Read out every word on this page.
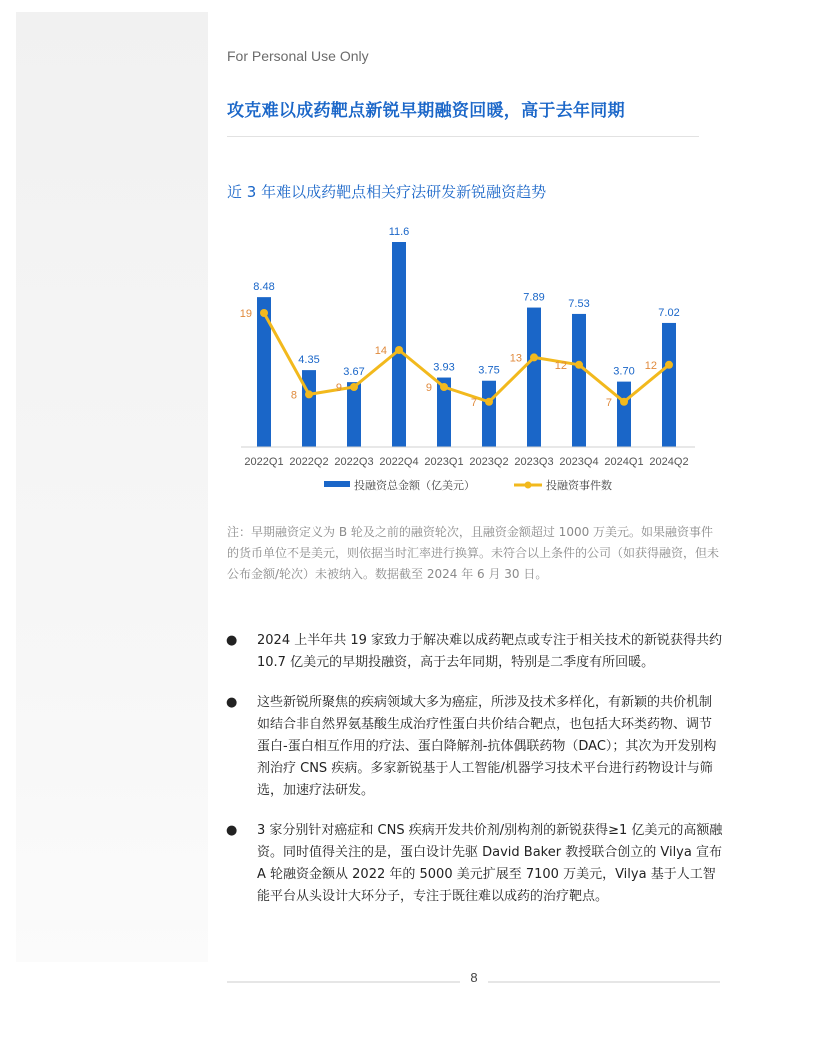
For Personal Use Only
攻克难以成药靶点新锐早期融资回暖，高于去年同期
近 3 年难以成药靶点相关疗法研发新锐融资趋势
8.48
19
4.35
8
3.67
9
11.6
14
3.93
9
3.75
7
7.89
13
7.53
12	3.70
7
7.02
12
2022Q1 2022Q2 2022Q3 2022Q4 2023Q1 2023Q2 2023Q3 2023Q4 2024Q1 2024Q2
投融资总金额（亿美元）	投融资事件数
注：早期融资定义为 B 轮及之前的融资轮次，且融资金额超过 1000 万美元。如果融资事件的货币单位不是美元，则依据当时汇率进行换算。未符合以上条件的公司（如获得融资，但未公布金额/轮次）未被纳入。数据截至 2024 年 6 月 30 日。
● 2024 上半年共 19 家致力于解决难以成药靶点或专注于相关技术的新锐获得共约 10.7 亿美元的早期投融资，高于去年同期，特别是二季度有所回暖。
● 这些新锐所聚焦的疾病领域大多为癌症，所涉及技术多样化，有新颖的共价机制如结合非自然界氨基酸生成治疗性蛋白共价结合靶点，也包括大环类药物、调节蛋白-蛋白相互作用的疗法、蛋白降解剂-抗体偶联药物（DAC）；其次为开发别构剂治疗 CNS 疾病。多家新锐基于人工智能/机器学习技术平台进行药物设计与筛选，加速疗法研发。
● 3 家分别针对癌症和 CNS 疾病开发共价剂/别构剂的新锐获得≥1 亿美元的高额融资。同时值得关注的是，蛋白设计先驱 David Baker 教授联合创立的 Vilya 宣布 A 轮融资金额从 2022 年的 5000 美元扩展至 7100 万美元，Vilya 基于人工智能平台从头设计大环分子，专注于既往难以成药的治疗靶点。
8
